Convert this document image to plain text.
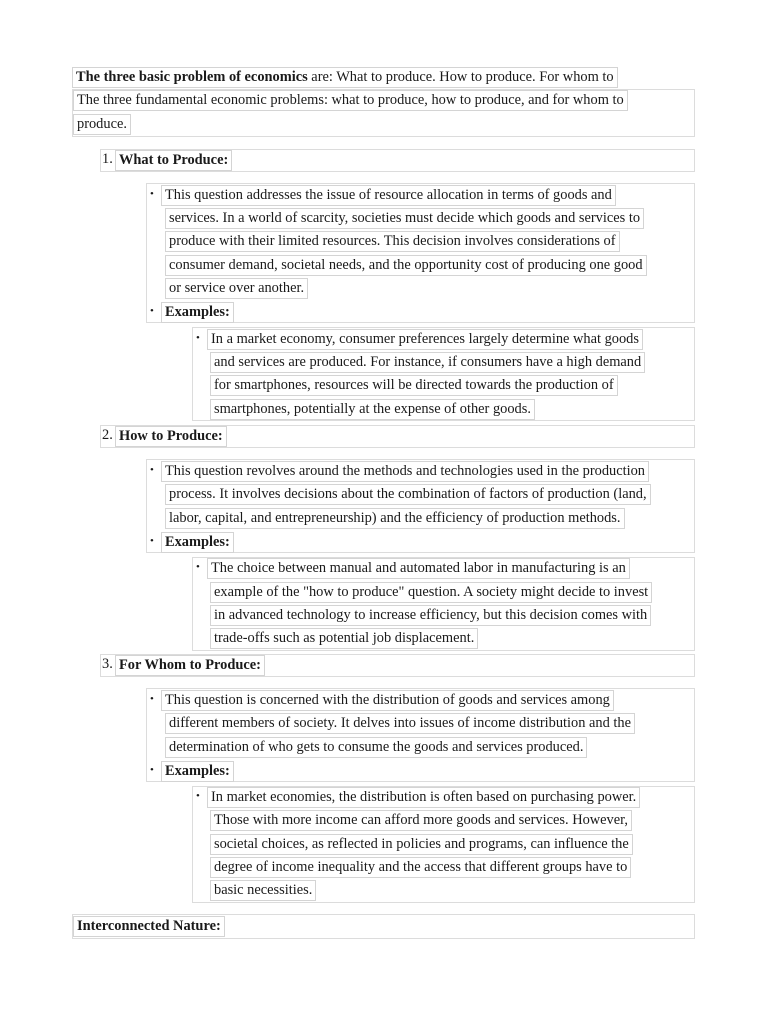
The three basic problem of economics are: What to produce. How to produce. For whom to
The three fundamental economic problems: what to produce, how to produce, and for whom to
produce.
1. What to Produce:
• This question addresses the issue of resource allocation in terms of goods and
services. In a world of scarcity, societies must decide which goods and services to
produce with their limited resources. This decision involves considerations of
consumer demand, societal needs, and the opportunity cost of producing one good
or service over another.
• Examples:
• In a market economy, consumer preferences largely determine what goods
and services are produced. For instance, if consumers have a high demand
for smartphones, resources will be directed towards the production of
smartphones, potentially at the expense of other goods.
2. How to Produce:
• This question revolves around the methods and technologies used in the production
process. It involves decisions about the combination of factors of production (land,
labor, capital, and entrepreneurship) and the efficiency of production methods.
• Examples:
• The choice between manual and automated labor in manufacturing is an
example of the "how to produce" question. A society might decide to invest
in advanced technology to increase efficiency, but this decision comes with
trade-offs such as potential job displacement.
3. For Whom to Produce:
• This question is concerned with the distribution of goods and services among
different members of society. It delves into issues of income distribution and the
determination of who gets to consume the goods and services produced.
• Examples:
• In market economies, the distribution is often based on purchasing power.
Those with more income can afford more goods and services. However,
societal choices, as reflected in policies and programs, can influence the
degree of income inequality and the access that different groups have to
basic necessities.
Interconnected Nature:
